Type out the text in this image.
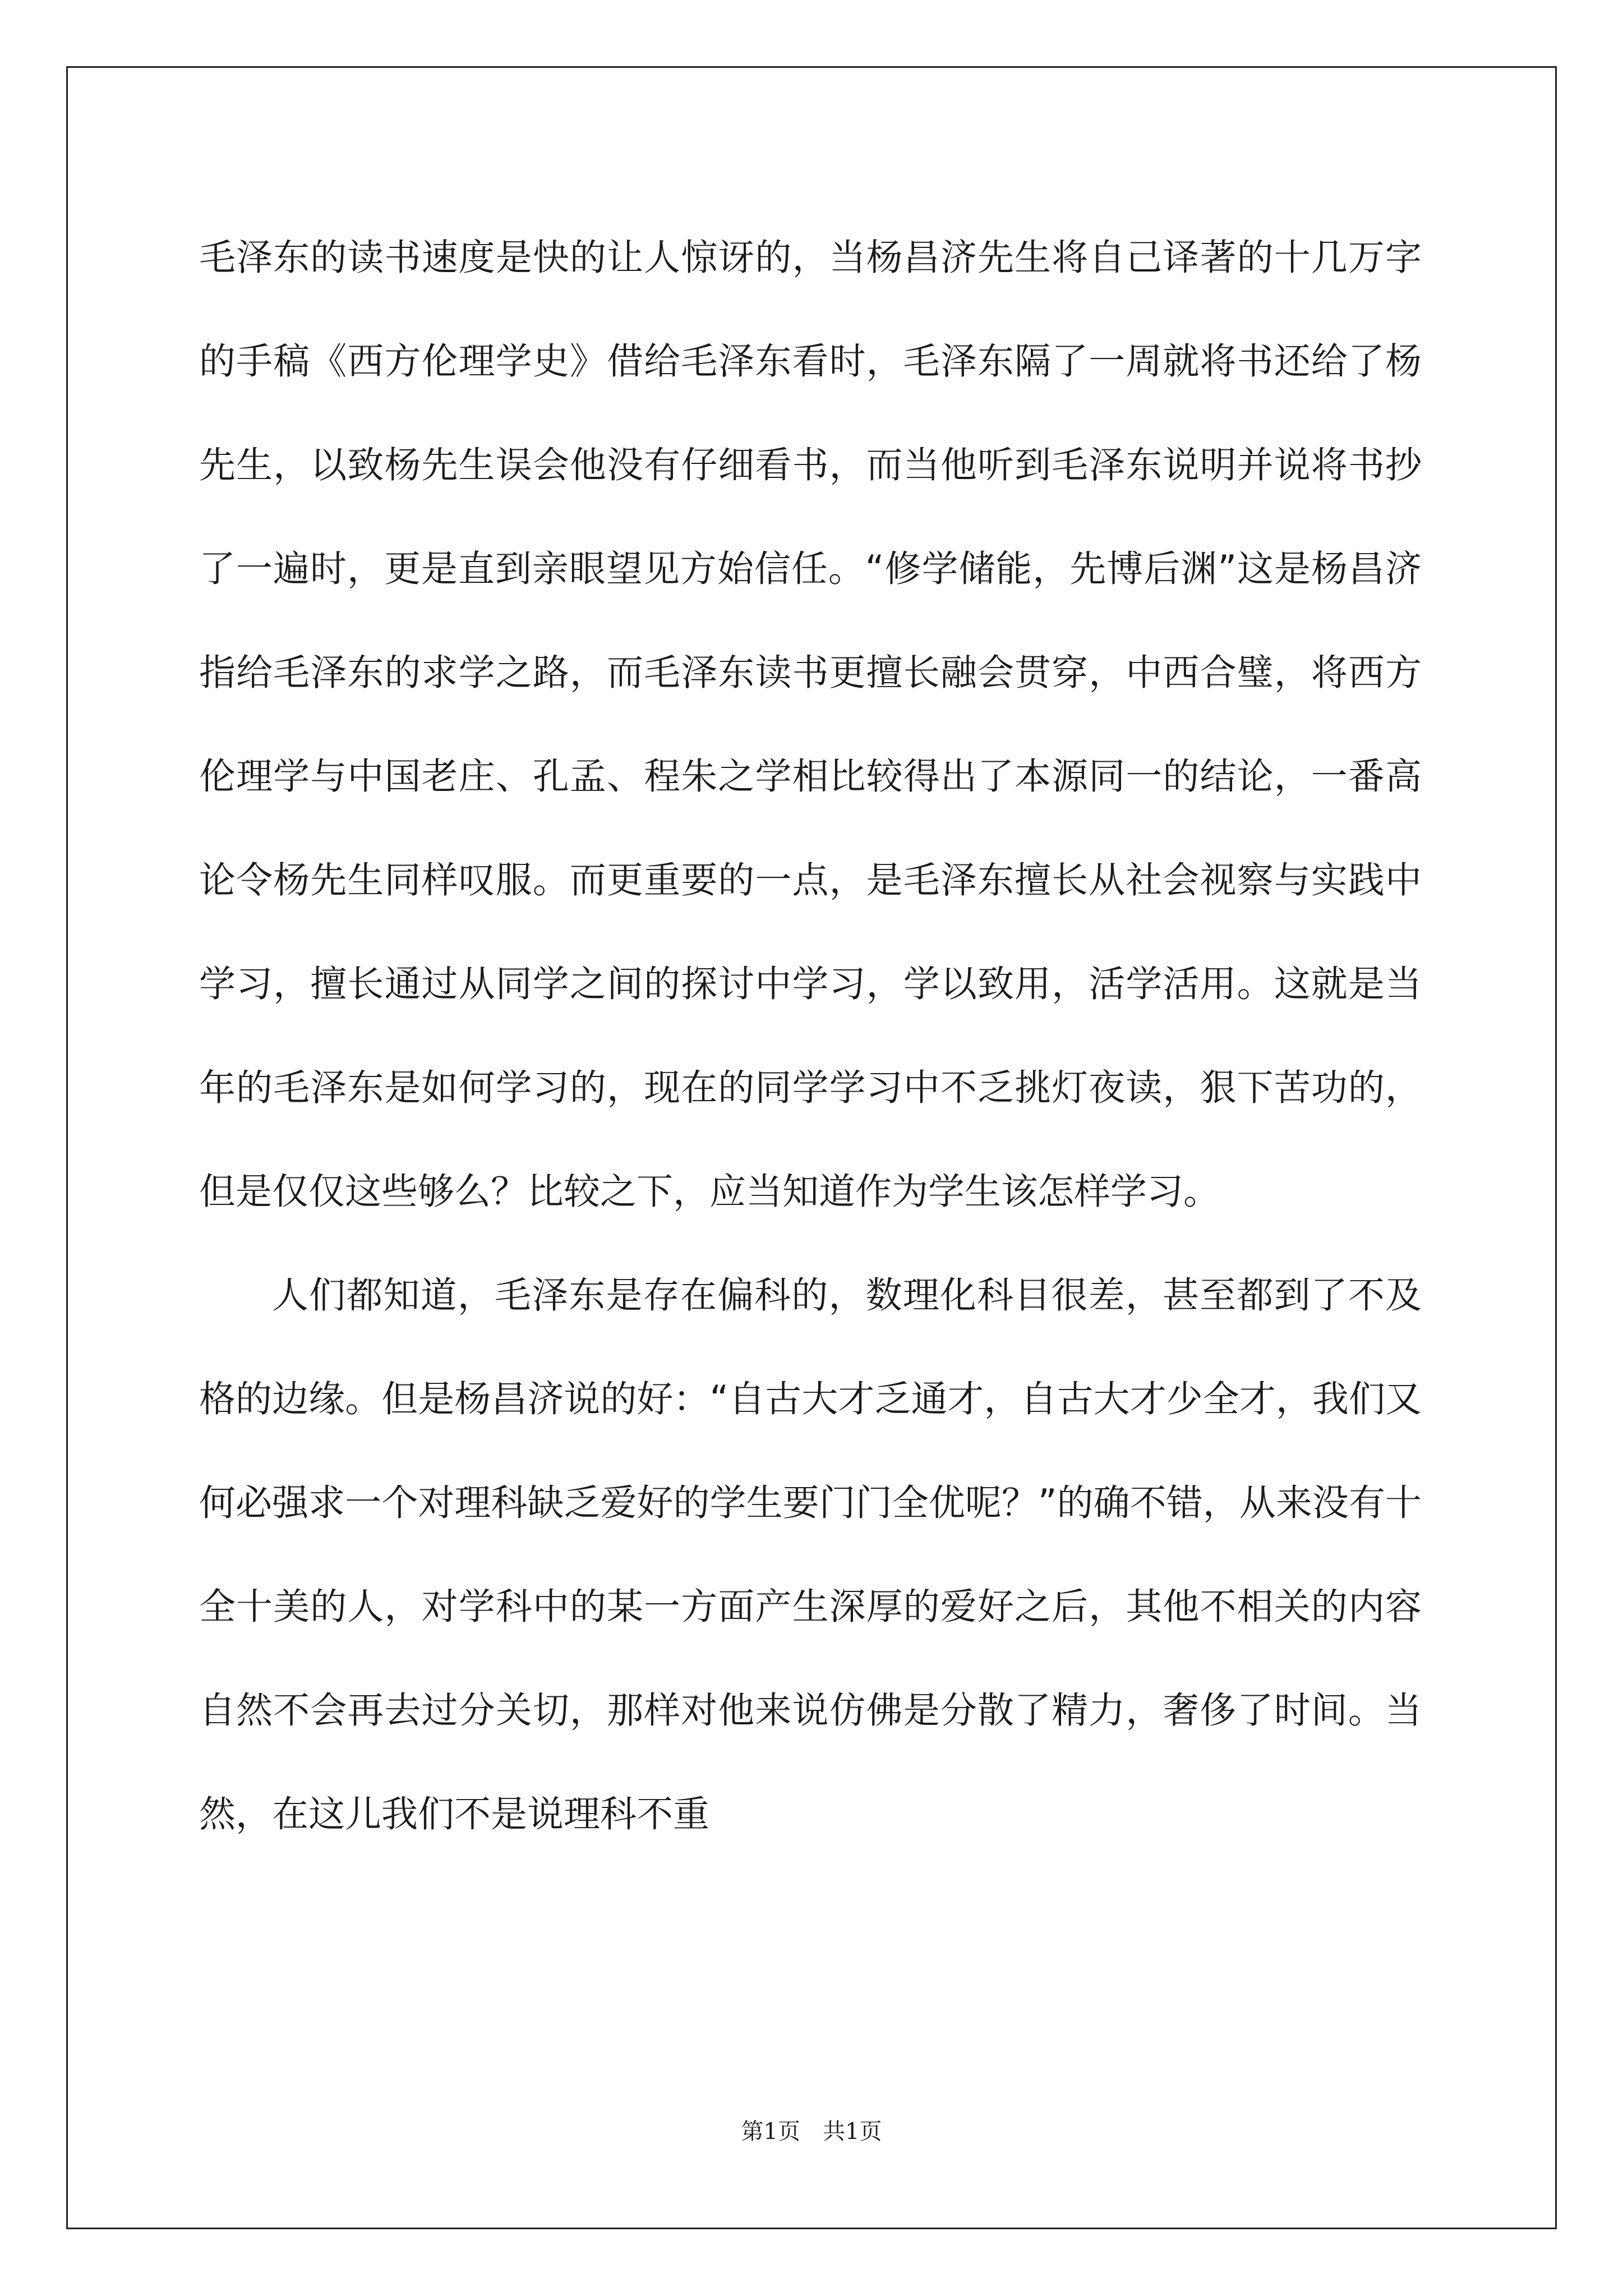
毛泽东的读书速度是快的让人惊讶的，当杨昌济先生将自己译著的十几万字的手稿《西方伦理学史》借给毛泽东看时，毛泽东隔了一周就将书还给了杨先生，以致杨先生误会他没有仔细看书，而当他听到毛泽东说明并说将书抄了一遍时，更是直到亲眼望见方始信任。“修学储能，先博后渊”这是杨昌济指给毛泽东的求学之路，而毛泽东读书更擅长融会贯穿，中西合璧，将西方伦理学与中国老庄、孔孟、程朱之学相比较得出了本源同一的结论，一番高论令杨先生同样叹服。而更重要的一点，是毛泽东擅长从社会视察与实践中学习，擅长通过从同学之间的探讨中学习，学以致用，活学活用。这就是当年的毛泽东是如何学习的，现在的同学学习中不乏挑灯夜读，狠下苦功的，但是仅仅这些够么？比较之下，应当知道作为学生该怎样学习。

人们都知道，毛泽东是存在偏科的，数理化科目很差，甚至都到了不及格的边缘。但是杨昌济说的好：“自古大才乏通才，自古大才少全才，我们又何必强求一个对理科缺乏爱好的学生要门门全优呢？”的确不错，从来没有十全十美的人，对学科中的某一方面产生深厚的爱好之后，其他不相关的内容自然不会再去过分关切，那样对他来说仿佛是分散了精力，奢侈了时间。当然，在这儿我们不是说理科不重

第1页　共1页
